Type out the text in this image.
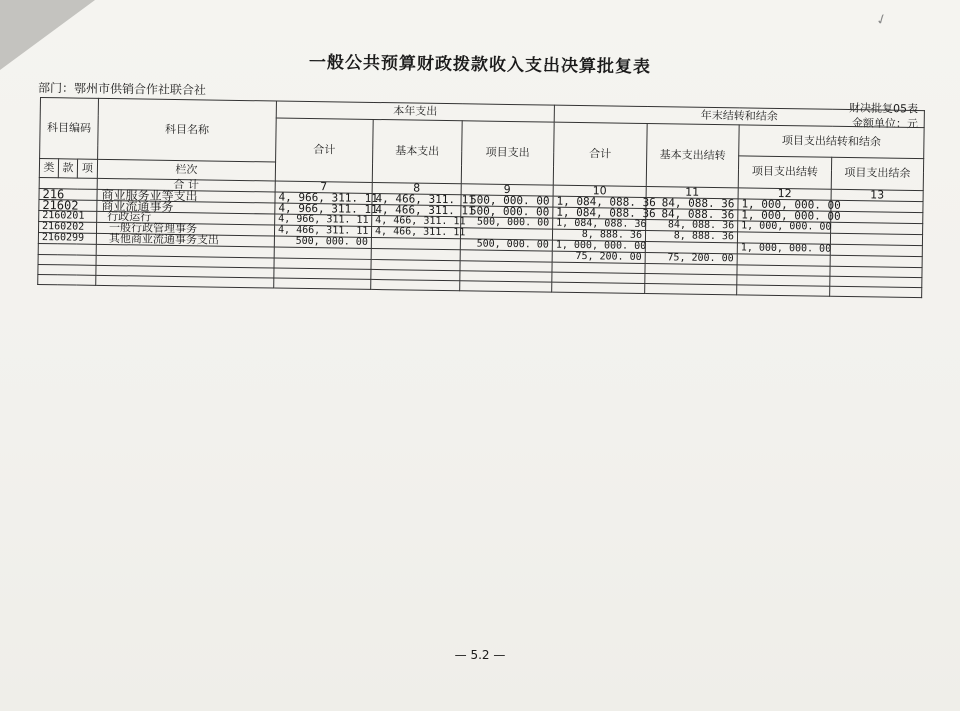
✓
一般公共预算财政拨款收入支出决算批复表
部门：鄂州市供销合作社联合社
财决批复05表
金额单位：元
科目编码			科目名称	本年支出			年末结转和结余			
				合计	基本支出	项目支出	合计	基本支出结转	项目支出结转和结余	
									项目支出结转	项目支出结余
类	款	项	栏次							
			合 计	7	8	9	10	11	12	13
216			商业服务业等支出	4, 966, 311. 11	4, 466, 311. 11	500, 000. 00	1, 084, 088. 36	84, 088. 36	1, 000, 000. 00	
21602			商业流通事务	4, 966, 311. 11	4, 466, 311. 11	500, 000. 00	1, 084, 088. 36	84, 088. 36	1, 000, 000. 00	
2160201			行政运行	4, 966, 311. 11	4, 466, 311. 11	500, 000. 00	1, 084, 088. 36	84, 088. 36	1, 000, 000. 00	
2160202			一般行政管理事务	4, 466, 311. 11	4, 466, 311. 11		8, 888. 36	8, 888. 36		
2160299			其他商业流通事务支出	500, 000. 00		500, 000. 00	1, 000, 000. 00		1, 000, 000. 00	
							75, 200. 00	75, 200. 00		

— 5.2 —
